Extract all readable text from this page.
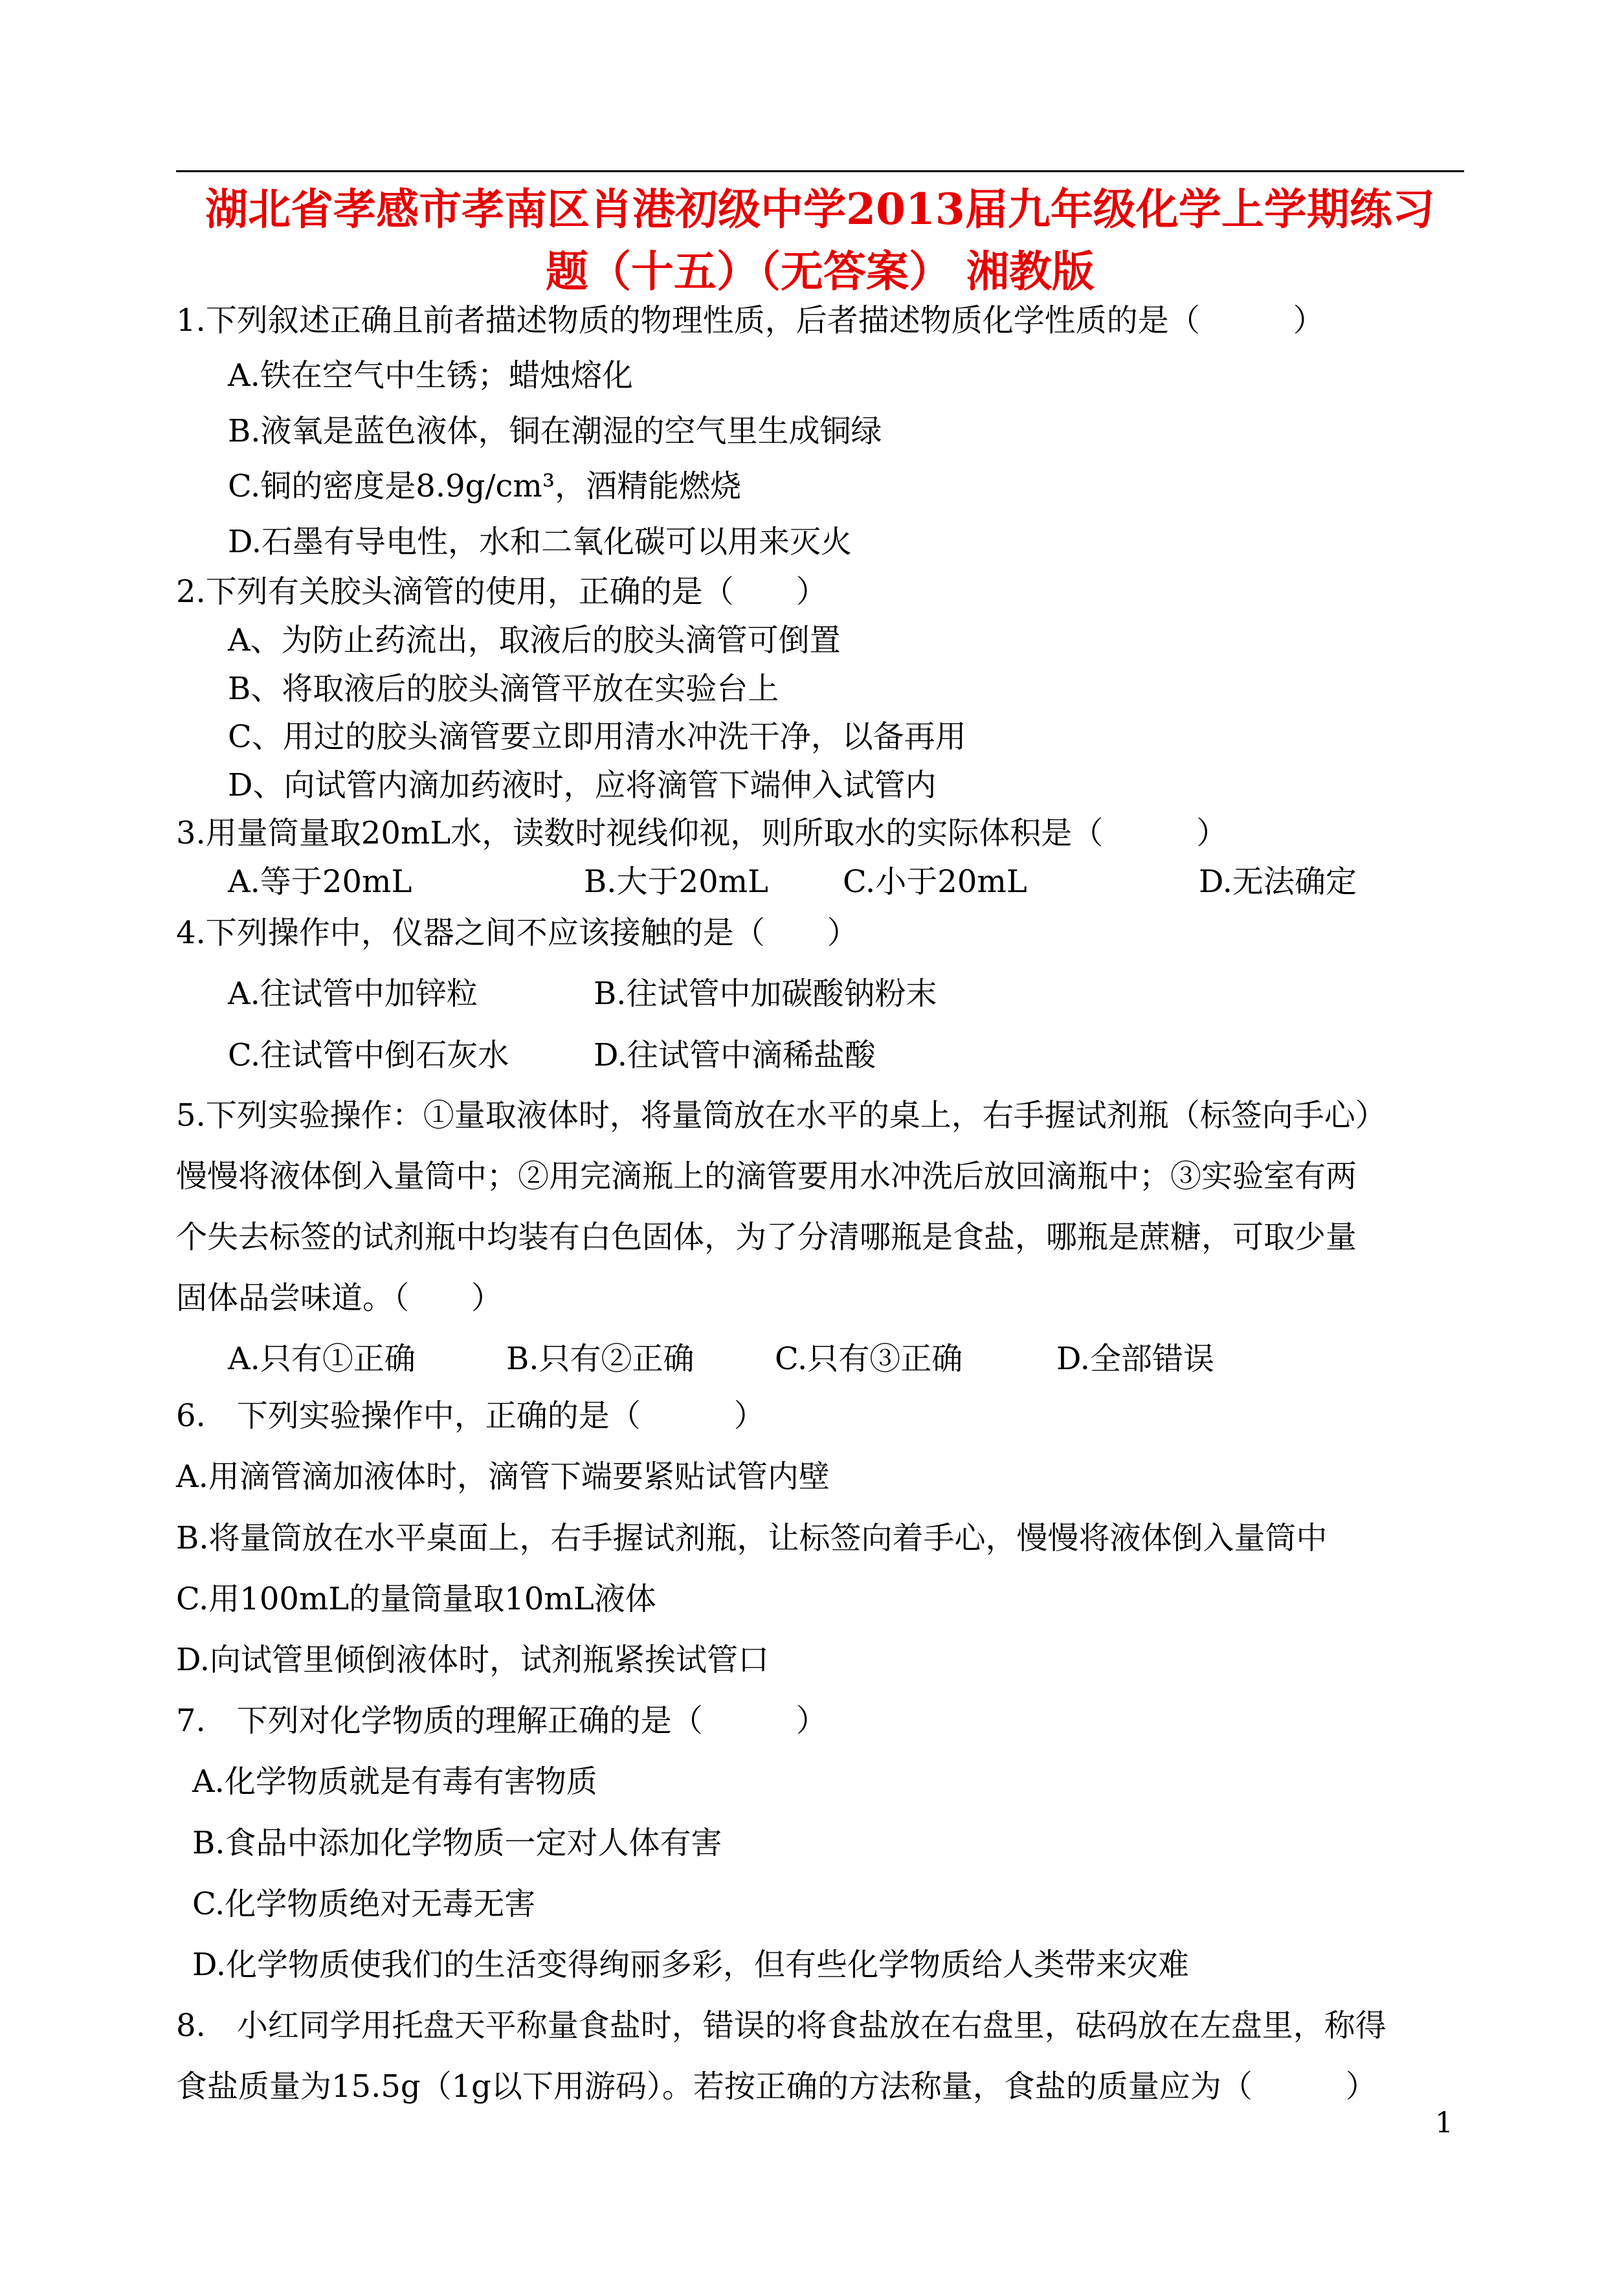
湖北省孝感市孝南区肖港初级中学2013届九年级化学上学期练习
题（十五）（无答案） 湘教版
1.下列叙述正确且前者描述物质的物理性质，后者描述物质化学性质的是（　　　）
A.铁在空气中生锈；蜡烛熔化
B.液氧是蓝色液体，铜在潮湿的空气里生成铜绿
C.铜的密度是8.9g/cm³，酒精能燃烧
D.石墨有导电性，水和二氧化碳可以用来灭火
2.下列有关胶头滴管的使用，正确的是（　　）
A、为防止药流出，取液后的胶头滴管可倒置
B、将取液后的胶头滴管平放在实验台上
C、用过的胶头滴管要立即用清水冲洗干净，以备再用
D、向试管内滴加药液时，应将滴管下端伸入试管内
3.用量筒量取20mL水，读数时视线仰视，则所取水的实际体积是（　　　）
A.等于20mL	B.大于20mL C.小于20mL	D.无法确定
4.下列操作中，仪器之间不应该接触的是（　　）
A.往试管中加锌粒	B.往试管中加碳酸钠粉末
C.往试管中倒石灰水	D.往试管中滴稀盐酸
5.下列实验操作：①量取液体时，将量筒放在水平的桌上，右手握试剂瓶（标签向手心）
慢慢将液体倒入量筒中；②用完滴瓶上的滴管要用水冲洗后放回滴瓶中；③实验室有两
个失去标签的试剂瓶中均装有白色固体，为了分清哪瓶是食盐，哪瓶是蔗糖，可取少量
固体品尝味道。（　　）
A.只有①正确	B.只有②正确	C.只有③正确	D.全部错误
6.　下列实验操作中，正确的是（　　　）
A.用滴管滴加液体时，滴管下端要紧贴试管内壁
B.将量筒放在水平桌面上，右手握试剂瓶，让标签向着手心，慢慢将液体倒入量筒中
C.用100mL的量筒量取10mL液体
D.向试管里倾倒液体时，试剂瓶紧挨试管口
7.　下列对化学物质的理解正确的是（　　　）
A.化学物质就是有毒有害物质
B.食品中添加化学物质一定对人体有害
C.化学物质绝对无毒无害
D.化学物质使我们的生活变得绚丽多彩，但有些化学物质给人类带来灾难
8.　小红同学用托盘天平称量食盐时，错误的将食盐放在右盘里，砝码放在左盘里，称得
食盐质量为15.5g（1g以下用游码）。若按正确的方法称量，食盐的质量应为（　　　）
1
